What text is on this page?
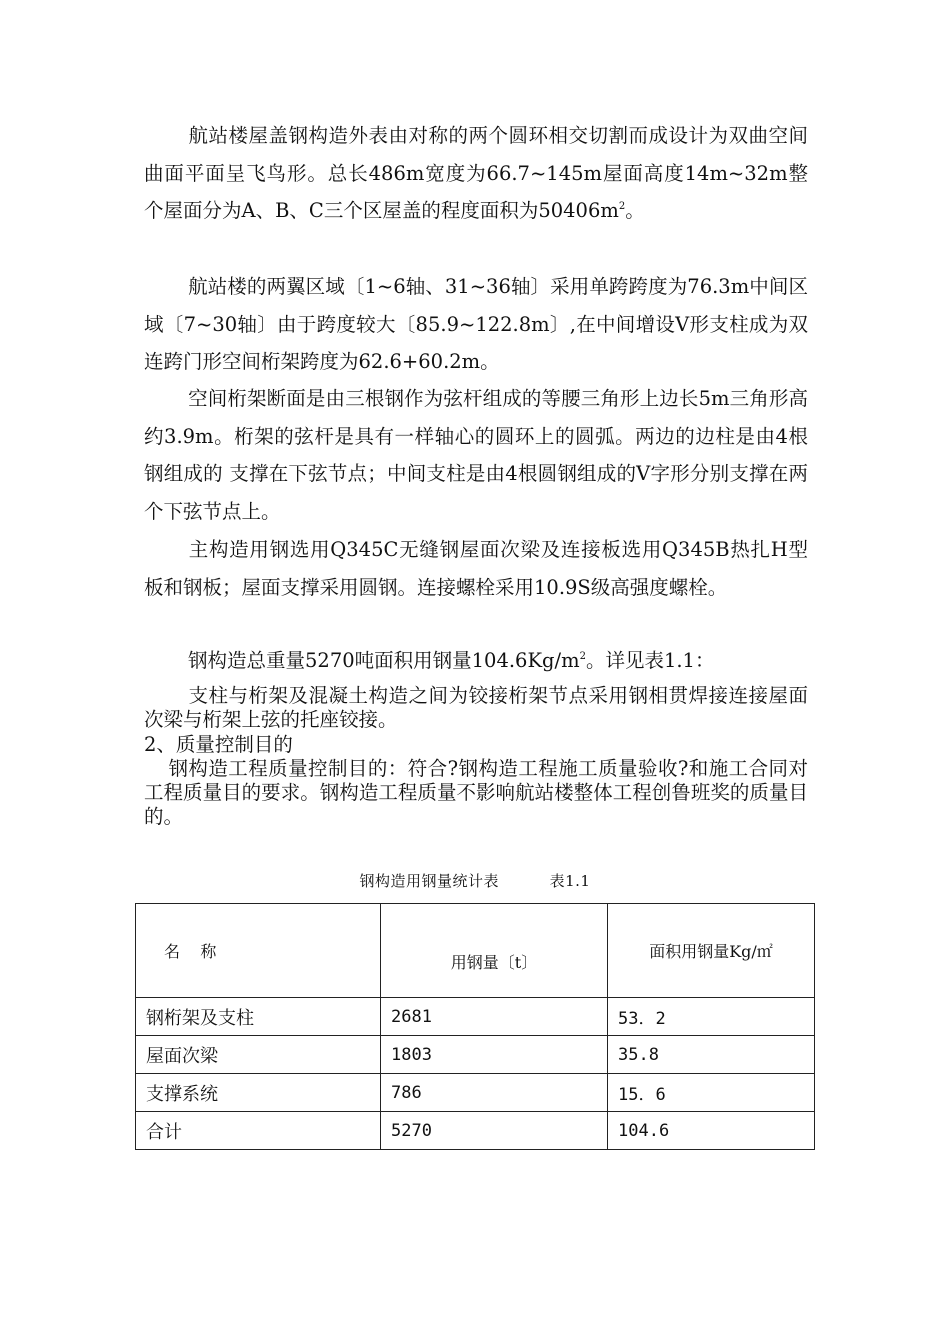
航站楼屋盖钢构造外表由对称的两个圆环相交切割而成设计为双曲空间曲面平面呈飞鸟形。总长486m宽度为66.7~145m屋面高度14m~32m整个屋面分为A、B、C三个区屋盖的程度面积为$50406m^2$。

航站楼的两翼区域〔1~6轴、31~36轴〕采用单跨跨度为76.3m中间区域〔7~30轴〕由于跨度较大〔85.9~122.8m〕,在中间增设V形支柱成为双连跨门形空间桁架跨度为62.6+60.2m。

空间桁架断面是由三根钢作为弦杆组成的等腰三角形上边长5m三角形高约3.9m。桁架的弦杆是具有一样轴心的圆环上的圆弧。两边的边柱是由4根钢组成的 支撑在下弦节点；中间支柱是由4根圆钢组成的V字形分别支撑在两个下弦节点上。

主构造用钢选用Q345C无缝钢屋面次梁及连接板选用Q345B热扎H型板和钢板；屋面支撑采用圆钢。连接螺栓采用10.9S级高强度螺栓。

钢构造总重量5270吨面积用钢量$104.6Kg/m^2$。详见表1.1：

支柱与桁架及混凝土构造之间为铰接桁架节点采用钢相贯焊接连接屋面次梁与桁架上弦的托座铰接。

2、质量控制目的

钢构造工程质量控制目的：符合?钢构造工程施工质量验收?和施工合同对工程质量目的要求。钢构造工程质量不影响航站楼整体工程创鲁班奖的质量目的。

钢构造用钢量统计表	表1.1
名    称	用钢量〔t〕	面积用钢量Kg/㎡
钢桁架及支柱	2681	53．2
屋面次梁	1803	35.8
支撑系统	786	15．6
合计	5270	104.6
